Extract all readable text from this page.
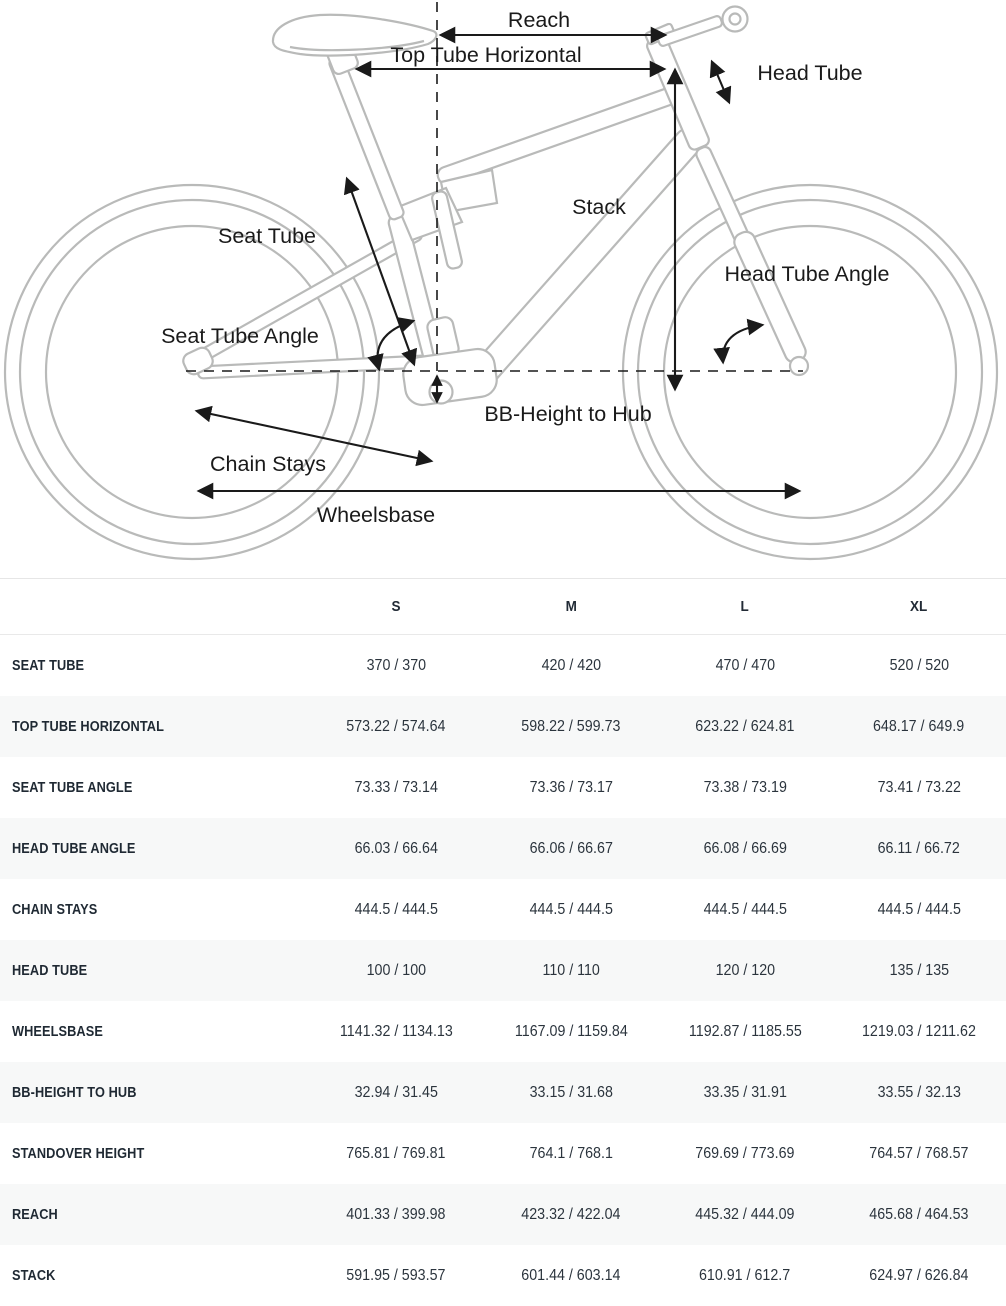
Reach
Top Tube Horizontal
Head Tube
Seat Tube
Stack
Head Tube Angle
Seat Tube Angle
BB-Height to Hub
Chain Stays
Wheelsbase
S	M	L	XL
SEAT TUBE	370 / 370	420 / 420	470 / 470	520 / 520
TOP TUBE HORIZONTAL	573.22 / 574.64	598.22 / 599.73	623.22 / 624.81	648.17 / 649.9
SEAT TUBE ANGLE	73.33 / 73.14	73.36 / 73.17	73.38 / 73.19	73.41 / 73.22
HEAD TUBE ANGLE	66.03 / 66.64	66.06 / 66.67	66.08 / 66.69	66.11 / 66.72
CHAIN STAYS	444.5 / 444.5	444.5 / 444.5	444.5 / 444.5	444.5 / 444.5
HEAD TUBE	100 / 100	110 / 110	120 / 120	135 / 135
WHEELSBASE	1141.32 / 1134.13	1167.09 / 1159.84	1192.87 / 1185.55	1219.03 / 1211.62
BB-HEIGHT TO HUB	32.94 / 31.45	33.15 / 31.68	33.35 / 31.91	33.55 / 32.13
STANDOVER HEIGHT	765.81 / 769.81	764.1 / 768.1	769.69 / 773.69	764.57 / 768.57
REACH	401.33 / 399.98	423.32 / 422.04	445.32 / 444.09	465.68 / 464.53
STACK	591.95 / 593.57	601.44 / 603.14	610.91 / 612.7	624.97 / 626.84
